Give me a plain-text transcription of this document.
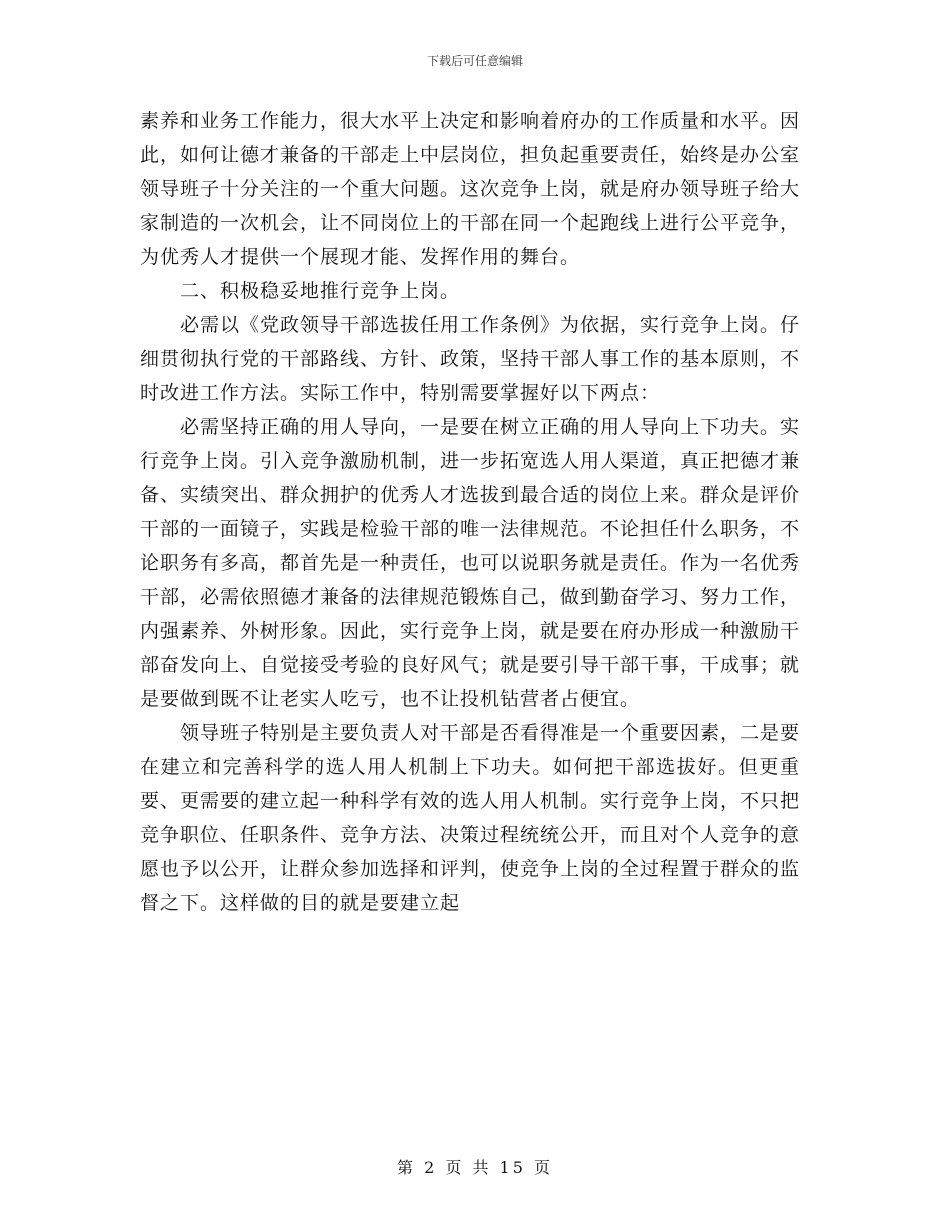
下载后可任意编辑

素养和业务工作能力，很大水平上决定和影响着府办的工作质量和水平。因此，如何让德才兼备的干部走上中层岗位，担负起重要责任，始终是办公室领导班子十分关注的一个重大问题。这次竞争上岗，就是府办领导班子给大家制造的一次机会，让不同岗位上的干部在同一个起跑线上进行公平竞争，为优秀人才提供一个展现才能、发挥作用的舞台。

二、积极稳妥地推行竞争上岗。

必需以《党政领导干部选拔任用工作条例》为依据，实行竞争上岗。仔细贯彻执行党的干部路线、方针、政策，坚持干部人事工作的基本原则，不时改进工作方法。实际工作中，特别需要掌握好以下两点：

必需坚持正确的用人导向，一是要在树立正确的用人导向上下功夫。实行竞争上岗。引入竞争激励机制，进一步拓宽选人用人渠道，真正把德才兼备、实绩突出、群众拥护的优秀人才选拔到最合适的岗位上来。群众是评价干部的一面镜子，实践是检验干部的唯一法律规范。不论担任什么职务，不论职务有多高，都首先是一种责任，也可以说职务就是责任。作为一名优秀干部，必需依照德才兼备的法律规范锻炼自己，做到勤奋学习、努力工作，内强素养、外树形象。因此，实行竞争上岗，就是要在府办形成一种激励干部奋发向上、自觉接受考验的良好风气；就是要引导干部干事，干成事；就是要做到既不让老实人吃亏，也不让投机钻营者占便宜。

领导班子特别是主要负责人对干部是否看得准是一个重要因素，二是要在建立和完善科学的选人用人机制上下功夫。如何把干部选拔好。但更重要、更需要的建立起一种科学有效的选人用人机制。实行竞争上岗，不只把竞争职位、任职条件、竞争方法、决策过程统统公开，而且对个人竞争的意愿也予以公开，让群众参加选择和评判，使竞争上岗的全过程置于群众的监督之下。这样做的目的就是要建立起

第 2 页 共 15 页
